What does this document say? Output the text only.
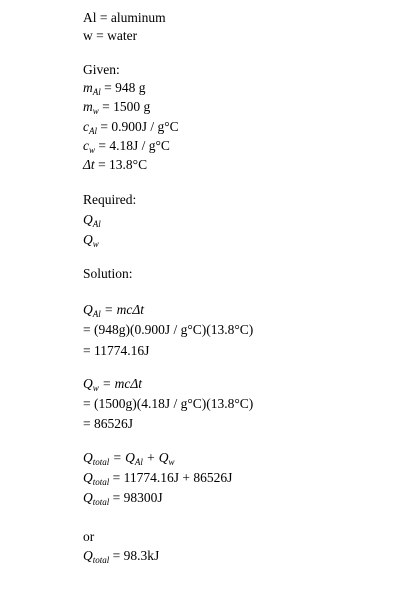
Al = aluminum
w = water
Given:
$m_{Al} = 948$ g
$m_w = 1500$ g
$c_{Al} = 0.900J / g^\circ C$
$c_w = 4.18J / g^\circ C$
Δt = 13.8°C
Required:
$Q_{Al}$
$Q_w$
Solution:
$Q_{Al} = mc\Delta t$
= (948g)(0.900J / g°C)(13.8°C)
= 11774.16J
$Q_w = mc\Delta t$
= (1500g)(4.18J / g°C)(13.8°C)
= 86526J
$Q_{total} = Q_{Al} + Q_w$
$Q_{total} = 11774.16J + 86526J$
$Q_{total} = 98300J$
or
$Q_{total} = 98.3kJ$
